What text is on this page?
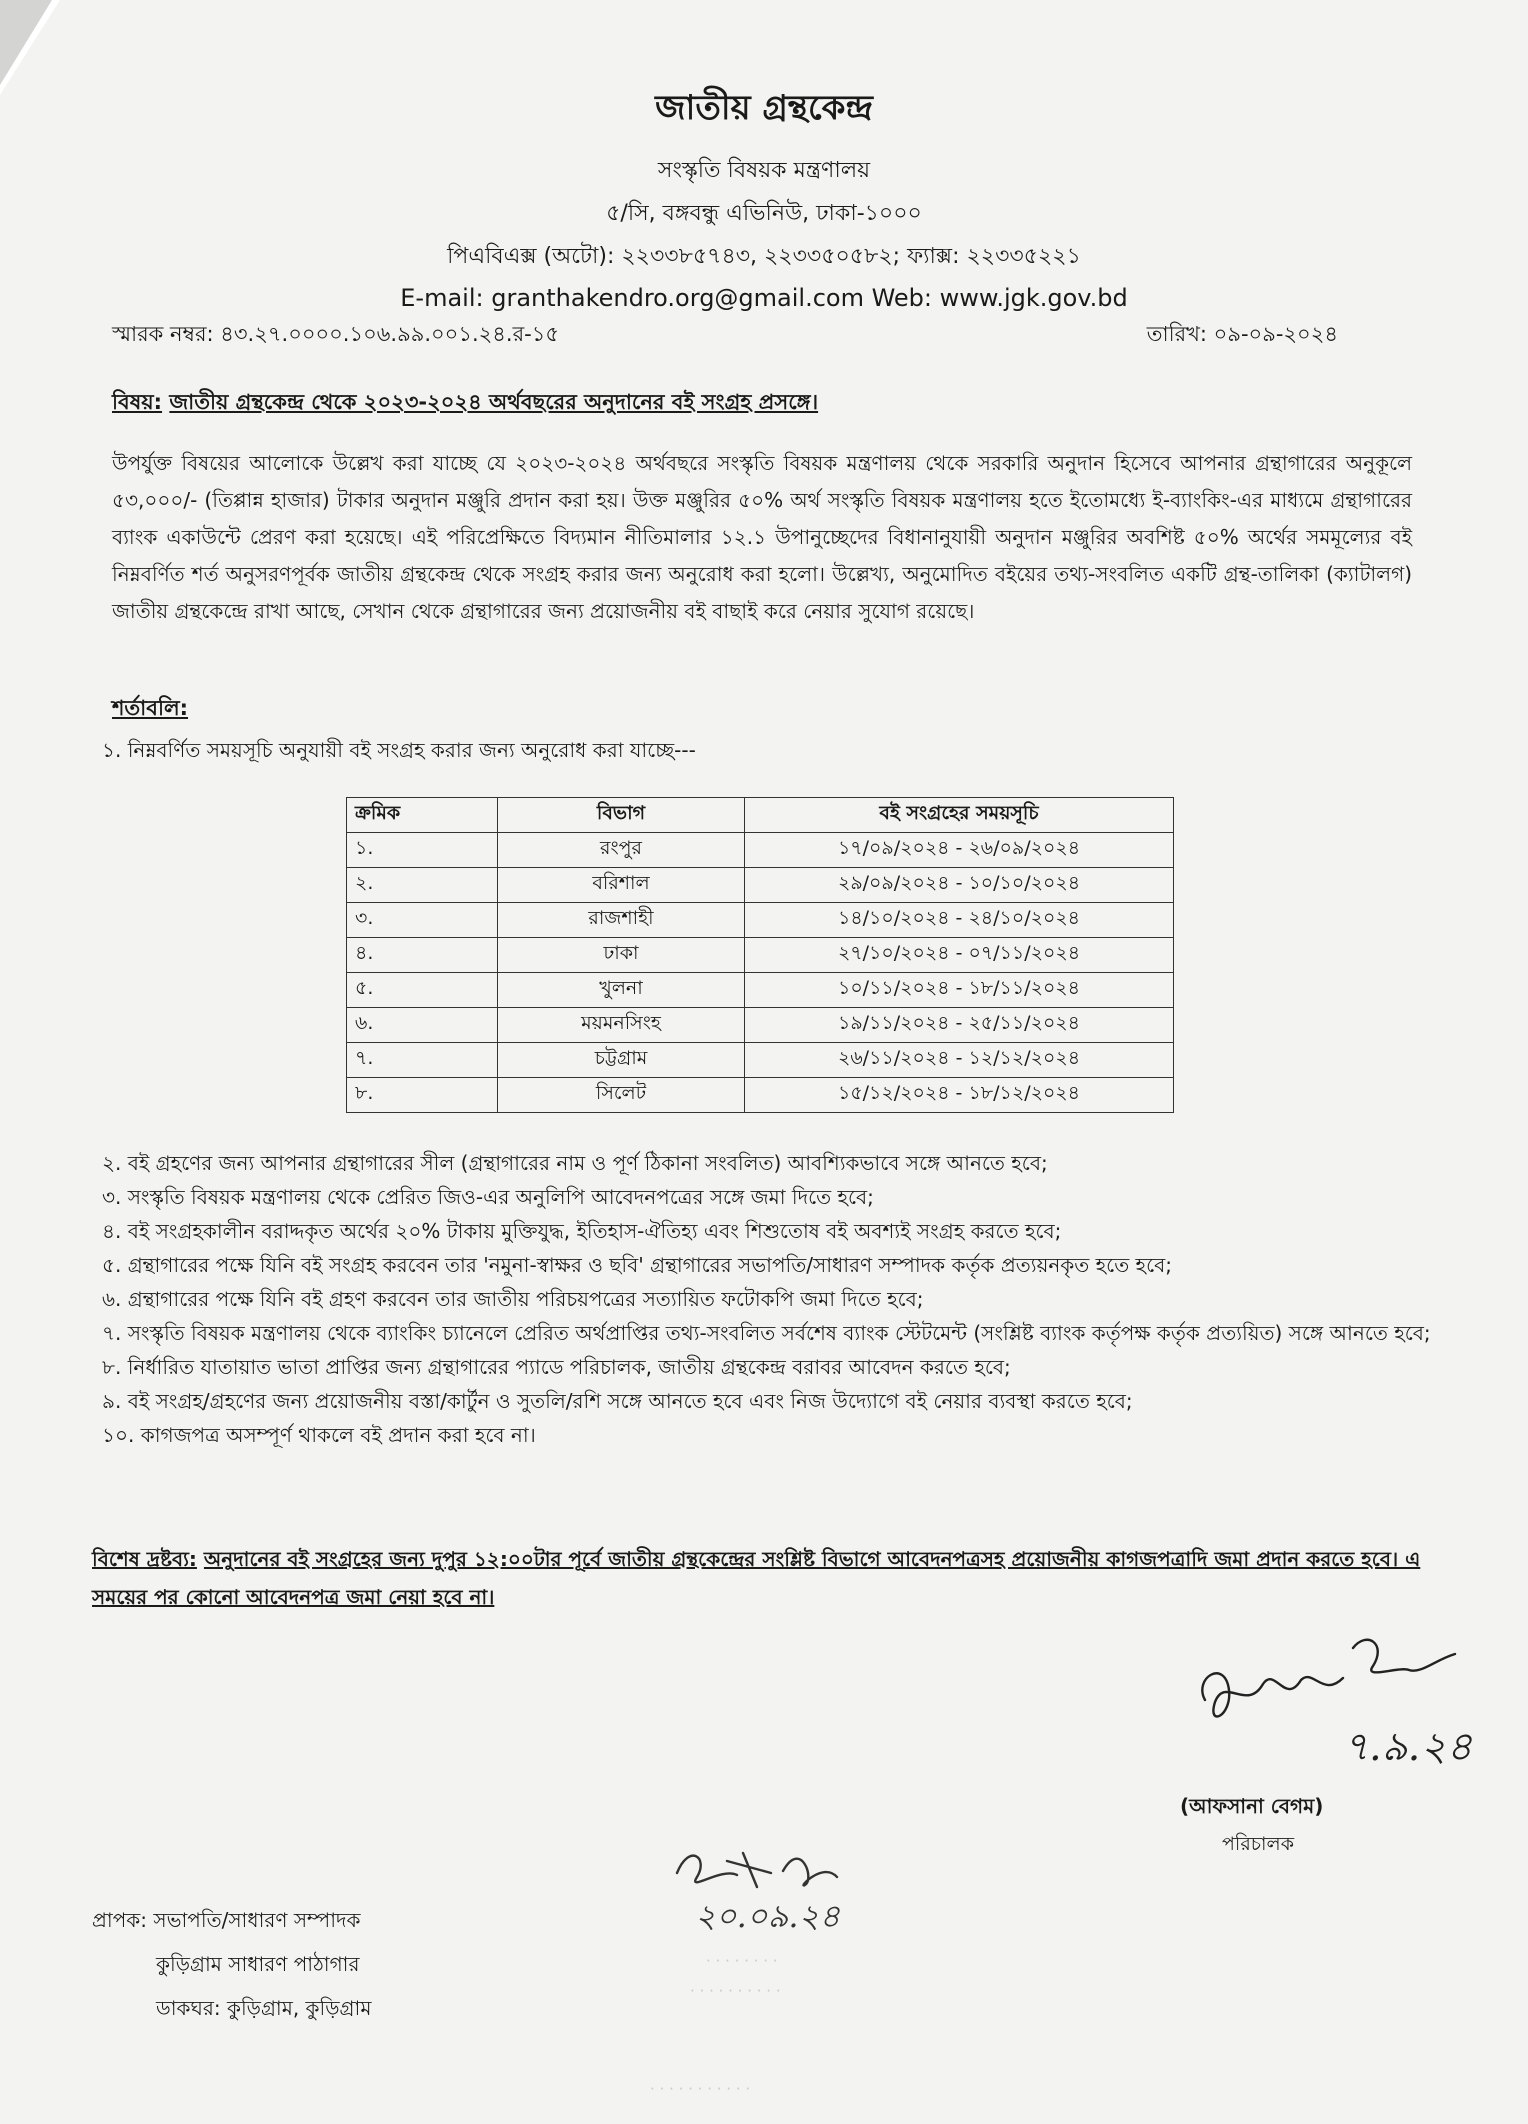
জাতীয় গ্রন্থকেন্দ্র
সংস্কৃতি বিষয়ক মন্ত্রণালয়
৫/সি, বঙ্গবন্ধু এভিনিউ, ঢাকা-১০০০
পিএবিএক্স (অটো): ২২৩৩৮৫৭৪৩, ২২৩৩৫০৫৮২; ফ্যাক্স: ২২৩৩৫২২১
E-mail: granthakendro.org@gmail.com Web: www.jgk.gov.bd
স্মারক নম্বর: ৪৩.২৭.০০০০.১০৬.৯৯.০০১.২৪.র-১৫	তারিখ: ০৯-০৯-২০২৪
বিষয়: জাতীয় গ্রন্থকেন্দ্র থেকে ২০২৩-২০২৪ অর্থবছরের অনুদানের বই সংগ্রহ প্রসঙ্গে।
উপর্যুক্ত বিষয়ের আলোকে উল্লেখ করা যাচ্ছে যে ২০২৩-২০২৪ অর্থবছরে সংস্কৃতি বিষয়ক মন্ত্রণালয় থেকে সরকারি অনুদান হিসেবে আপনার গ্রন্থাগারের অনুকূলে ৫৩,০০০/- (তিপ্পান্ন হাজার) টাকার অনুদান মঞ্জুরি প্রদান করা হয়। উক্ত মঞ্জুরির ৫০% অর্থ সংস্কৃতি বিষয়ক মন্ত্রণালয় হতে ইতোমধ্যে ই-ব্যাংকিং-এর মাধ্যমে গ্রন্থাগারের ব্যাংক একাউন্টে প্রেরণ করা হয়েছে। এই পরিপ্রেক্ষিতে বিদ্যমান নীতিমালার ১২.১ উপানুচ্ছেদের বিধানানুযায়ী অনুদান মঞ্জুরির অবশিষ্ট ৫০% অর্থের সমমূল্যের বই নিম্নবর্ণিত শর্ত অনুসরণপূর্বক জাতীয় গ্রন্থকেন্দ্র থেকে সংগ্রহ করার জন্য অনুরোধ করা হলো। উল্লেখ্য, অনুমোদিত বইয়ের তথ্য-সংবলিত একটি গ্রন্থ-তালিকা (ক্যাটালগ) জাতীয় গ্রন্থকেন্দ্রে রাখা আছে, সেখান থেকে গ্রন্থাগারের জন্য প্রয়োজনীয় বই বাছাই করে নেয়ার সুযোগ রয়েছে।
শর্তাবলি:
১. নিম্নবর্ণিত সময়সূচি অনুযায়ী বই সংগ্রহ করার জন্য অনুরোধ করা যাচ্ছে---
ক্রমিক	বিভাগ	বই সংগ্রহের সময়সূচি
১.	রংপুর	১৭/০৯/২০২৪ - ২৬/০৯/২০২৪
২.	বরিশাল	২৯/০৯/২০২৪ - ১০/১০/২০২৪
৩.	রাজশাহী	১৪/১০/২০২৪ - ২৪/১০/২০২৪
৪.	ঢাকা	২৭/১০/২০২৪ - ০৭/১১/২০২৪
৫.	খুলনা	১০/১১/২০২৪ - ১৮/১১/২০২৪
৬.	ময়মনসিংহ	১৯/১১/২০২৪ - ২৫/১১/২০২৪
৭.	চট্টগ্রাম	২৬/১১/২০২৪ - ১২/১২/২০২৪
৮.	সিলেট	১৫/১২/২০২৪ - ১৮/১২/২০২৪
২. বই গ্রহণের জন্য আপনার গ্রন্থাগারের সীল (গ্রন্থাগারের নাম ও পূর্ণ ঠিকানা সংবলিত) আবশ্যিকভাবে সঙ্গে আনতে হবে;
৩. সংস্কৃতি বিষয়ক মন্ত্রণালয় থেকে প্রেরিত জিও-এর অনুলিপি আবেদনপত্রের সঙ্গে জমা দিতে হবে;
৪. বই সংগ্রহকালীন বরাদ্দকৃত অর্থের ২০% টাকায় মুক্তিযুদ্ধ, ইতিহাস-ঐতিহ্য এবং শিশুতোষ বই অবশ্যই সংগ্রহ করতে হবে;
৫. গ্রন্থাগারের পক্ষে যিনি বই সংগ্রহ করবেন তার 'নমুনা-স্বাক্ষর ও ছবি' গ্রন্থাগারের সভাপতি/সাধারণ সম্পাদক কর্তৃক প্রত্যয়নকৃত হতে হবে;
৬. গ্রন্থাগারের পক্ষে যিনি বই গ্রহণ করবেন তার জাতীয় পরিচয়পত্রের সত্যায়িত ফটোকপি জমা দিতে হবে;
৭. সংস্কৃতি বিষয়ক মন্ত্রণালয় থেকে ব্যাংকিং চ্যানেলে প্রেরিত অর্থপ্রাপ্তির তথ্য-সংবলিত সর্বশেষ ব্যাংক স্টেটমেন্ট (সংশ্লিষ্ট ব্যাংক কর্তৃপক্ষ কর্তৃক প্রত্যয়িত) সঙ্গে আনতে হবে;
৮. নির্ধারিত যাতায়াত ভাতা প্রাপ্তির জন্য গ্রন্থাগারের প্যাডে পরিচালক, জাতীয় গ্রন্থকেন্দ্র বরাবর আবেদন করতে হবে;
৯. বই সংগ্রহ/গ্রহণের জন্য প্রয়োজনীয় বস্তা/কার্টুন ও সুতলি/রশি সঙ্গে আনতে হবে এবং নিজ উদ্যোগে বই নেয়ার ব্যবস্থা করতে হবে;
১০. কাগজপত্র অসম্পূর্ণ থাকলে বই প্রদান করা হবে না।
বিশেষ দ্রষ্টব্য: অনুদানের বই সংগ্রহের জন্য দুপুর ১২:০০টার পূর্বে জাতীয় গ্রন্থকেন্দ্রের সংশ্লিষ্ট বিভাগে আবেদনপত্রসহ প্রয়োজনীয় কাগজপত্রাদি জমা প্রদান করতে হবে। এ সময়ের পর কোনো আবেদনপত্র জমা নেয়া হবে না।
৭.৯.২৪
(আফসানা বেগম)
পরিচালক
২০.০৯.২৪
· · · · · · · ·
· · · · · · · · · ·
· · · · · · · · · · ·
প্রাপক: সভাপতি/সাধারণ সম্পাদক
কুড়িগ্রাম সাধারণ পাঠাগার
ডাকঘর: কুড়িগ্রাম, কুড়িগ্রাম
